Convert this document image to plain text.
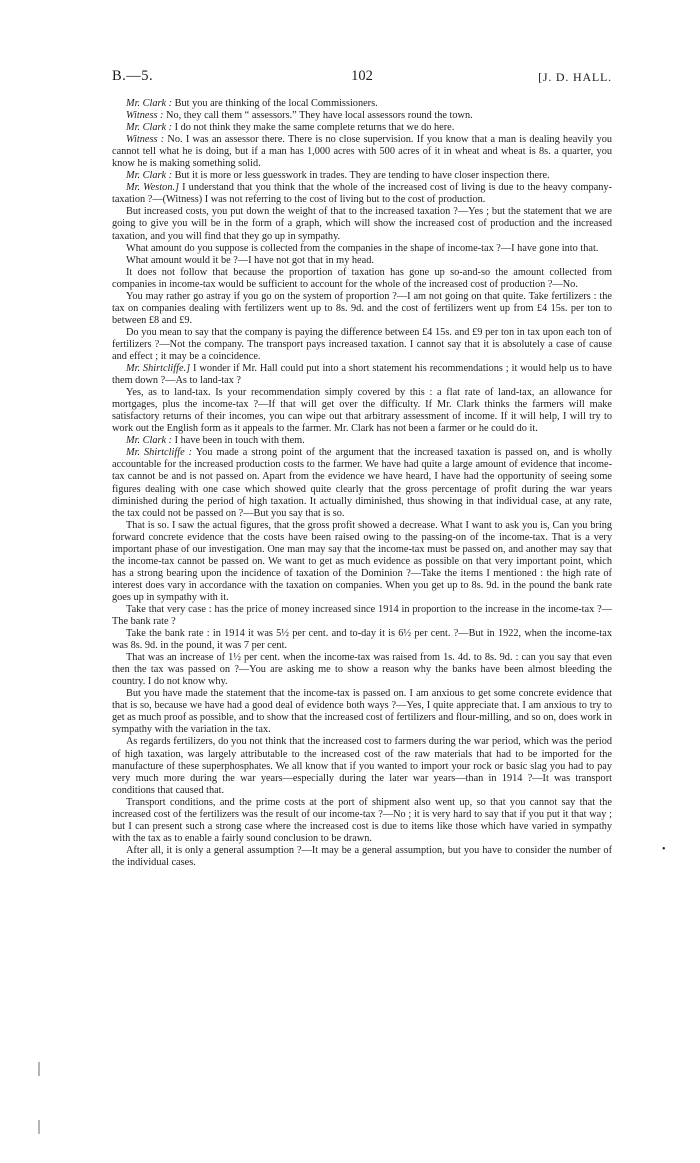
B.—5.	102	[J. D. HALL.

Mr. Clark : But you are thinking of the local Commissioners.

Witness : No, they call them “ assessors.” They have local assessors round the town.

Mr. Clark : I do not think they make the same complete returns that we do here.

Witness : No. I was an assessor there. There is no close supervision. If you know that a man is dealing heavily you cannot tell what he is doing, but if a man has 1,000 acres with 500 acres of it in wheat and wheat is 8s. a quarter, you know he is making something solid.

Mr. Clark : But it is more or less guesswork in trades. They are tending to have closer inspection there.

Mr. Weston.] I understand that you think that the whole of the increased cost of living is due to the heavy company-taxation ?—(Witness) I was not referring to the cost of living but to the cost of production.

But increased costs, you put down the weight of that to the increased taxation ?—Yes ; but the statement that we are going to give you will be in the form of a graph, which will show the increased cost of production and the increased taxation, and you will find that they go up in sympathy.

What amount do you suppose is collected from the companies in the shape of income-tax ?—I have gone into that.

What amount would it be ?—I have not got that in my head.

It does not follow that because the proportion of taxation has gone up so-and-so the amount collected from companies in income-tax would be sufficient to account for the whole of the increased cost of production ?—No.

You may rather go astray if you go on the system of proportion ?—I am not going on that quite. Take fertilizers : the tax on companies dealing with fertilizers went up to 8s. 9d. and the cost of fertilizers went up from £4 15s. per ton to between £8 and £9.

Do you mean to say that the company is paying the difference between £4 15s. and £9 per ton in tax upon each ton of fertilizers ?—Not the company. The transport pays increased taxation. I cannot say that it is absolutely a case of cause and effect ; it may be a coincidence.

Mr. Shirtcliffe.] I wonder if Mr. Hall could put into a short statement his recommendations ; it would help us to have them down ?—As to land-tax ?

Yes, as to land-tax. Is your recommendation simply covered by this : a flat rate of land-tax, an allowance for mortgages, plus the income-tax ?—If that will get over the difficulty. If Mr. Clark thinks the farmers will make satisfactory returns of their incomes, you can wipe out that arbitrary assessment of income. If it will help, I will try to work out the English form as it appeals to the farmer. Mr. Clark has not been a farmer or he could do it.

Mr. Clark : I have been in touch with them.

Mr. Shirtcliffe : You made a strong point of the argument that the increased taxation is passed on, and is wholly accountable for the increased production costs to the farmer. We have had quite a large amount of evidence that income-tax cannot be and is not passed on. Apart from the evidence we have heard, I have had the opportunity of seeing some figures dealing with one case which showed quite clearly that the gross percentage of profit during the war years diminished during the period of high taxation. It actually diminished, thus showing in that individual case, at any rate, the tax could not be passed on ?—But you say that is so.

That is so. I saw the actual figures, that the gross profit showed a decrease. What I want to ask you is, Can you bring forward concrete evidence that the costs have been raised owing to the passing-on of the income-tax. That is a very important phase of our investigation. One man may say that the income-tax must be passed on, and another may say that the income-tax cannot be passed on. We want to get as much evidence as possible on that very important point, which has a strong bearing upon the incidence of taxation of the Dominion ?—Take the items I mentioned : the high rate of interest does vary in accordance with the taxation on companies. When you get up to 8s. 9d. in the pound the bank rate goes up in sympathy with it.

Take that very case : has the price of money increased since 1914 in proportion to the increase in the income-tax ?—The bank rate ?

Take the bank rate : in 1914 it was 5½ per cent. and to-day it is 6½ per cent. ?—But in 1922, when the income-tax was 8s. 9d. in the pound, it was 7 per cent.

That was an increase of 1½ per cent. when the income-tax was raised from 1s. 4d. to 8s. 9d. : can you say that even then the tax was passed on ?—You are asking me to show a reason why the banks have been almost bleeding the country. I do not know why.

But you have made the statement that the income-tax is passed on. I am anxious to get some concrete evidence that that is so, because we have had a good deal of evidence both ways ?—Yes, I quite appreciate that. I am anxious to try to get as much proof as possible, and to show that the increased cost of fertilizers and flour-milling, and so on, does work in sympathy with the variation in the tax.

As regards fertilizers, do you not think that the increased cost to farmers during the war period, which was the period of high taxation, was largely attributable to the increased cost of the raw materials that had to be imported for the manufacture of these superphosphates. We all know that if you wanted to import your rock or basic slag you had to pay very much more during the war years—especially during the later war years—than in 1914 ?—It was transport conditions that caused that.

Transport conditions, and the prime costs at the port of shipment also went up, so that you cannot say that the increased cost of the fertilizers was the result of our income-tax ?—No ; it is very hard to say that if you put it that way ; but I can present such a strong case where the increased cost is due to items like those which have varied in sympathy with the tax as to enable a fairly sound conclusion to be drawn.

After all, it is only a general assumption ?—It may be a general assumption, but you have to consider the number of the individual cases.

•
